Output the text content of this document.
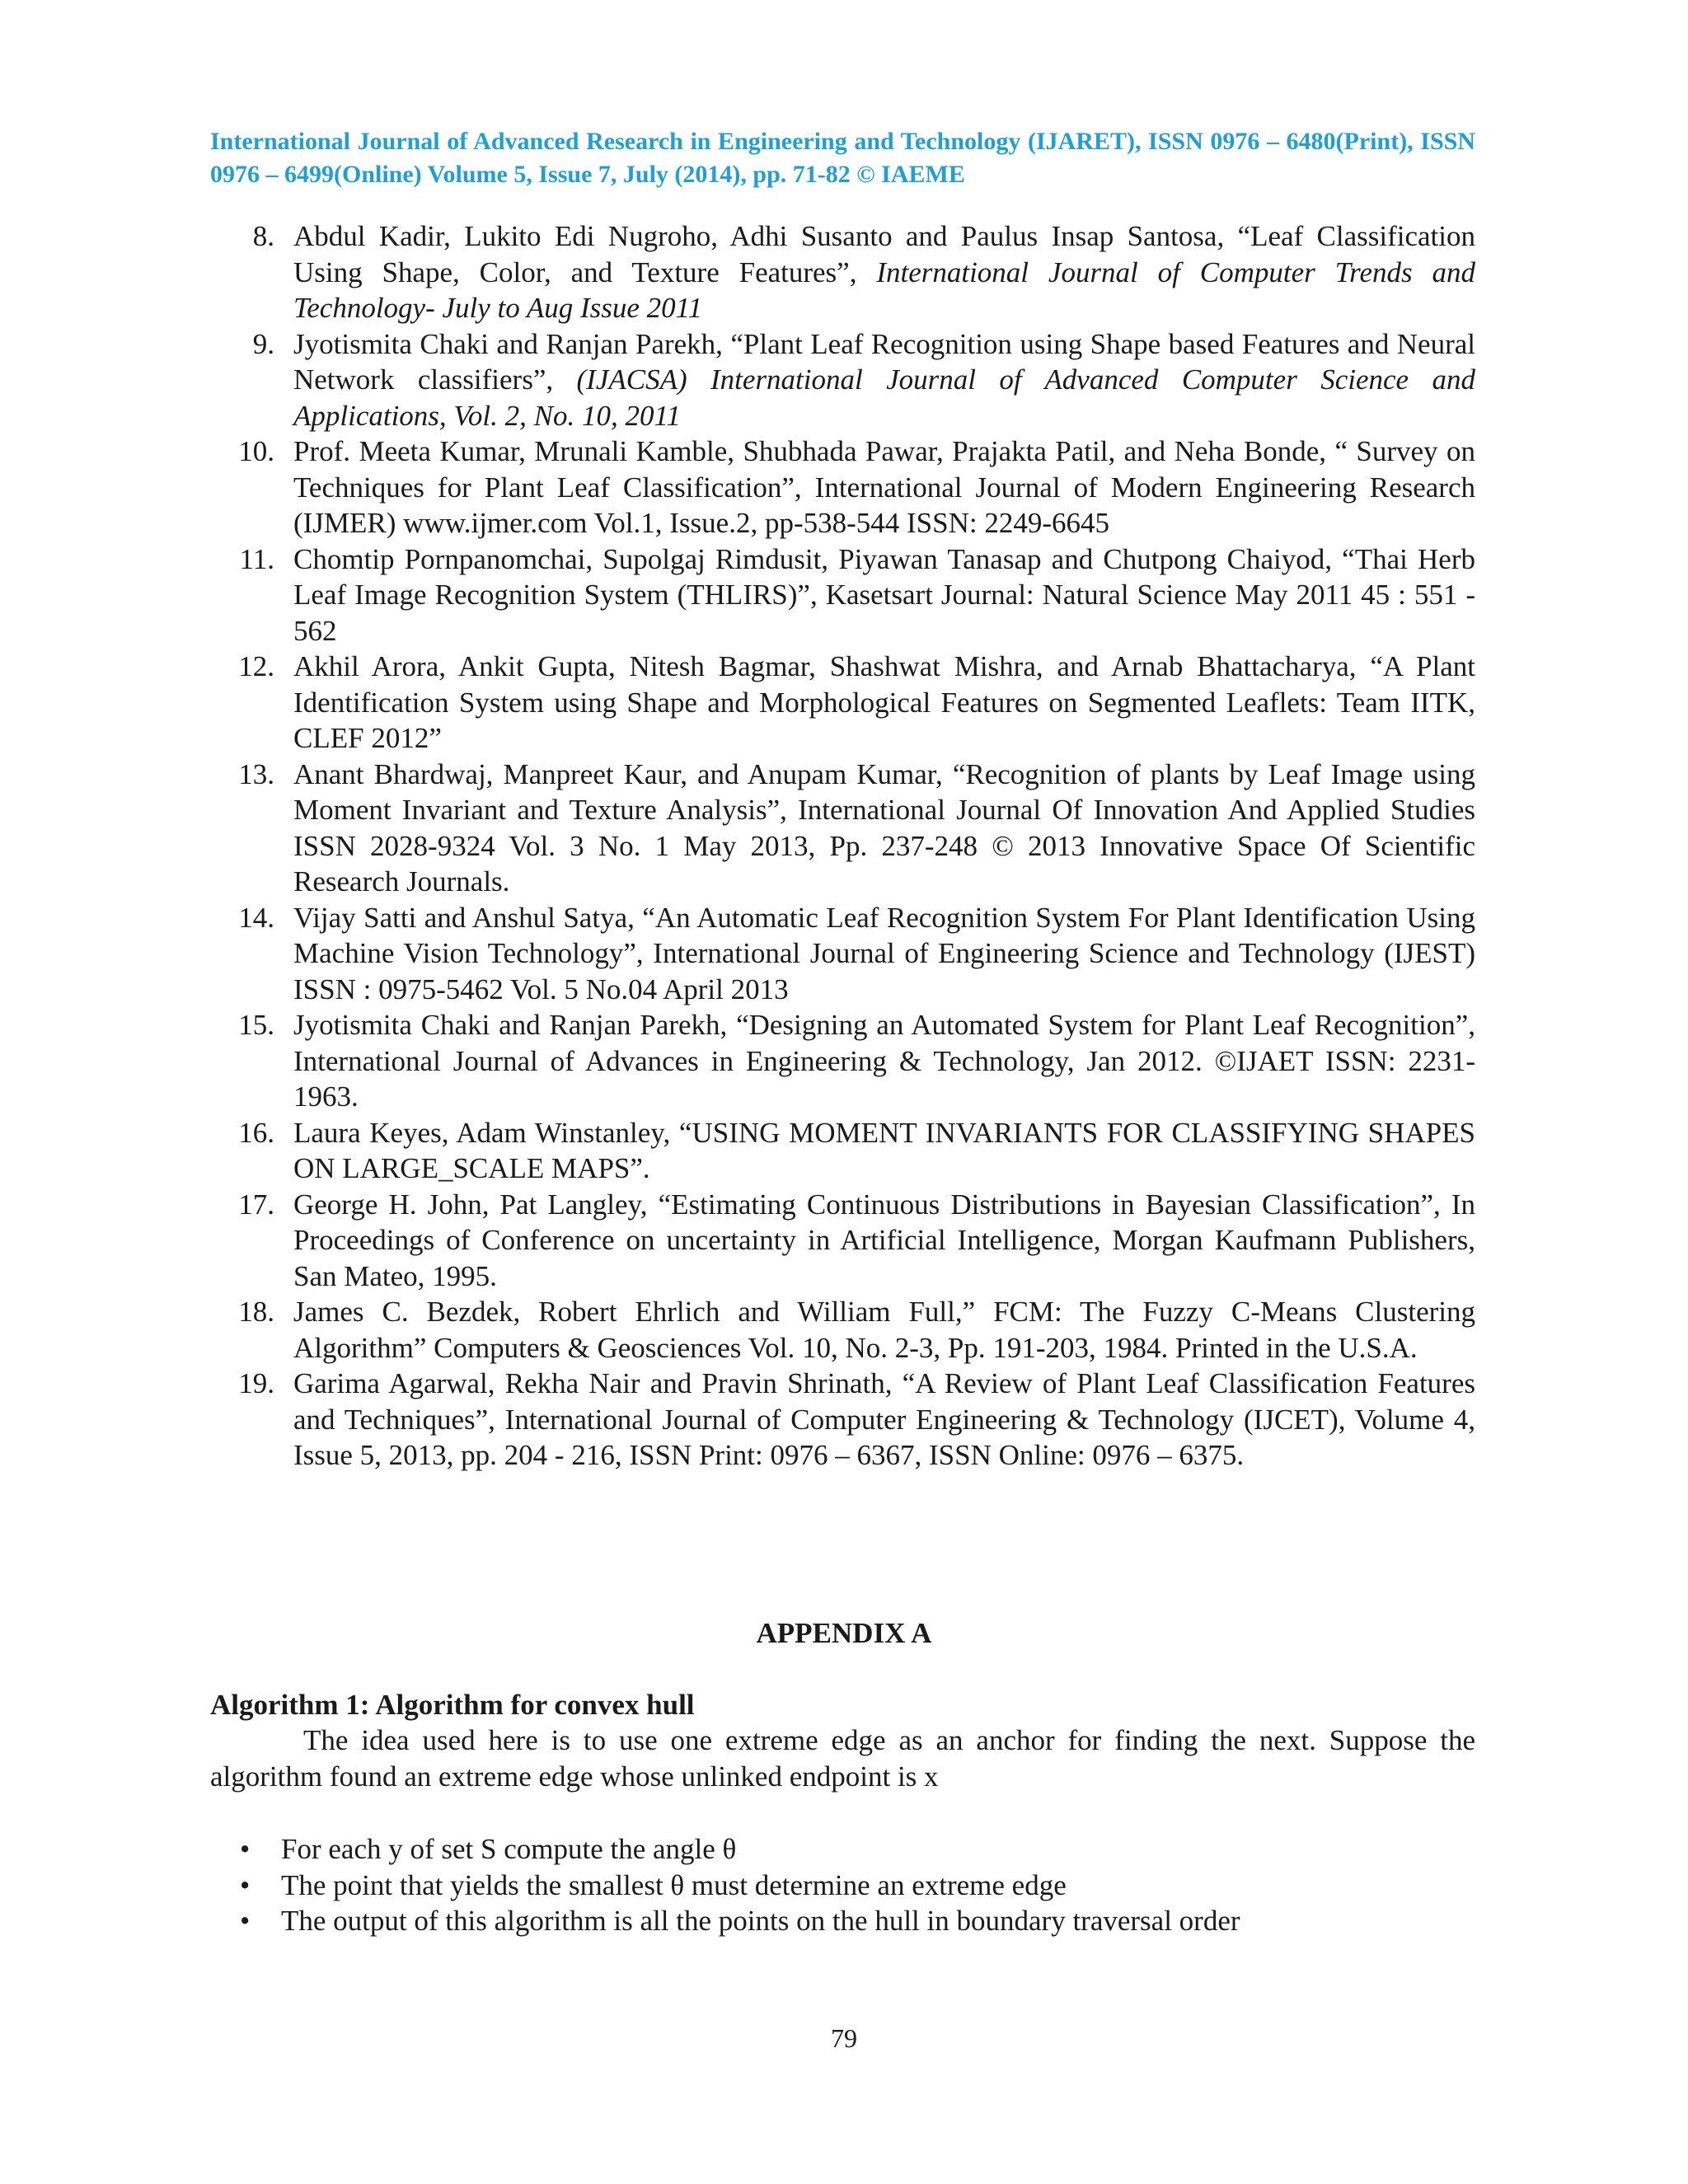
International Journal of Advanced Research in Engineering and Technology (IJARET), ISSN 0976 – 6480(Print), ISSN 0976 – 6499(Online) Volume 5, Issue 7, July (2014), pp. 71-82 © IAEME
8. Abdul Kadir, Lukito Edi Nugroho, Adhi Susanto and Paulus Insap Santosa, “Leaf Classification Using Shape, Color, and Texture Features”, International Journal of Computer Trends and Technology- July to Aug Issue 2011
9. Jyotismita Chaki and Ranjan Parekh, “Plant Leaf Recognition using Shape based Features and Neural Network classifiers”, (IJACSA) International Journal of Advanced Computer Science and Applications, Vol. 2, No. 10, 2011
10. Prof. Meeta Kumar, Mrunali Kamble, Shubhada Pawar, Prajakta Patil, and Neha Bonde, “ Survey on Techniques for Plant Leaf Classification”, International Journal of Modern Engineering Research (IJMER) www.ijmer.com Vol.1, Issue.2, pp-538-544 ISSN: 2249-6645
11. Chomtip Pornpanomchai, Supolgaj Rimdusit, Piyawan Tanasap and Chutpong Chaiyod, “Thai Herb Leaf Image Recognition System (THLIRS)”, Kasetsart Journal: Natural Science May 2011 45 : 551 - 562
12. Akhil Arora, Ankit Gupta, Nitesh Bagmar, Shashwat Mishra, and Arnab Bhattacharya, “A Plant Identification System using Shape and Morphological Features on Segmented Leaflets: Team IITK, CLEF 2012”
13. Anant Bhardwaj, Manpreet Kaur, and Anupam Kumar, “Recognition of plants by Leaf Image using Moment Invariant and Texture Analysis”, International Journal Of Innovation And Applied Studies ISSN 2028-9324 Vol. 3 No. 1 May 2013, Pp. 237-248 © 2013 Innovative Space Of Scientific Research Journals.
14. Vijay Satti and Anshul Satya, “An Automatic Leaf Recognition System For Plant Identification Using Machine Vision Technology”, International Journal of Engineering Science and Technology (IJEST) ISSN : 0975-5462 Vol. 5 No.04 April 2013
15. Jyotismita Chaki and Ranjan Parekh, “Designing an Automated System for Plant Leaf Recognition”, International Journal of Advances in Engineering & Technology, Jan 2012. ©IJAET ISSN: 2231-1963.
16. Laura Keyes, Adam Winstanley, “USING MOMENT INVARIANTS FOR CLASSIFYING SHAPES ON LARGE_SCALE MAPS”.
17. George H. John, Pat Langley, “Estimating Continuous Distributions in Bayesian Classification”, In Proceedings of Conference on uncertainty in Artificial Intelligence, Morgan Kaufmann Publishers, San Mateo, 1995.
18. James C. Bezdek, Robert Ehrlich and William Full,” FCM: The Fuzzy C-Means Clustering Algorithm” Computers & Geosciences Vol. 10, No. 2-3, Pp. 191-203, 1984. Printed in the U.S.A.
19. Garima Agarwal, Rekha Nair and Pravin Shrinath, “A Review of Plant Leaf Classification Features and Techniques”, International Journal of Computer Engineering & Technology (IJCET), Volume 4, Issue 5, 2013, pp. 204 - 216, ISSN Print: 0976 – 6367, ISSN Online: 0976 – 6375.
APPENDIX A
Algorithm 1: Algorithm for convex hull
The idea used here is to use one extreme edge as an anchor for finding the next. Suppose the algorithm found an extreme edge whose unlinked endpoint is x
• For each y of set S compute the angle θ
• The point that yields the smallest θ must determine an extreme edge
• The output of this algorithm is all the points on the hull in boundary traversal order
79
